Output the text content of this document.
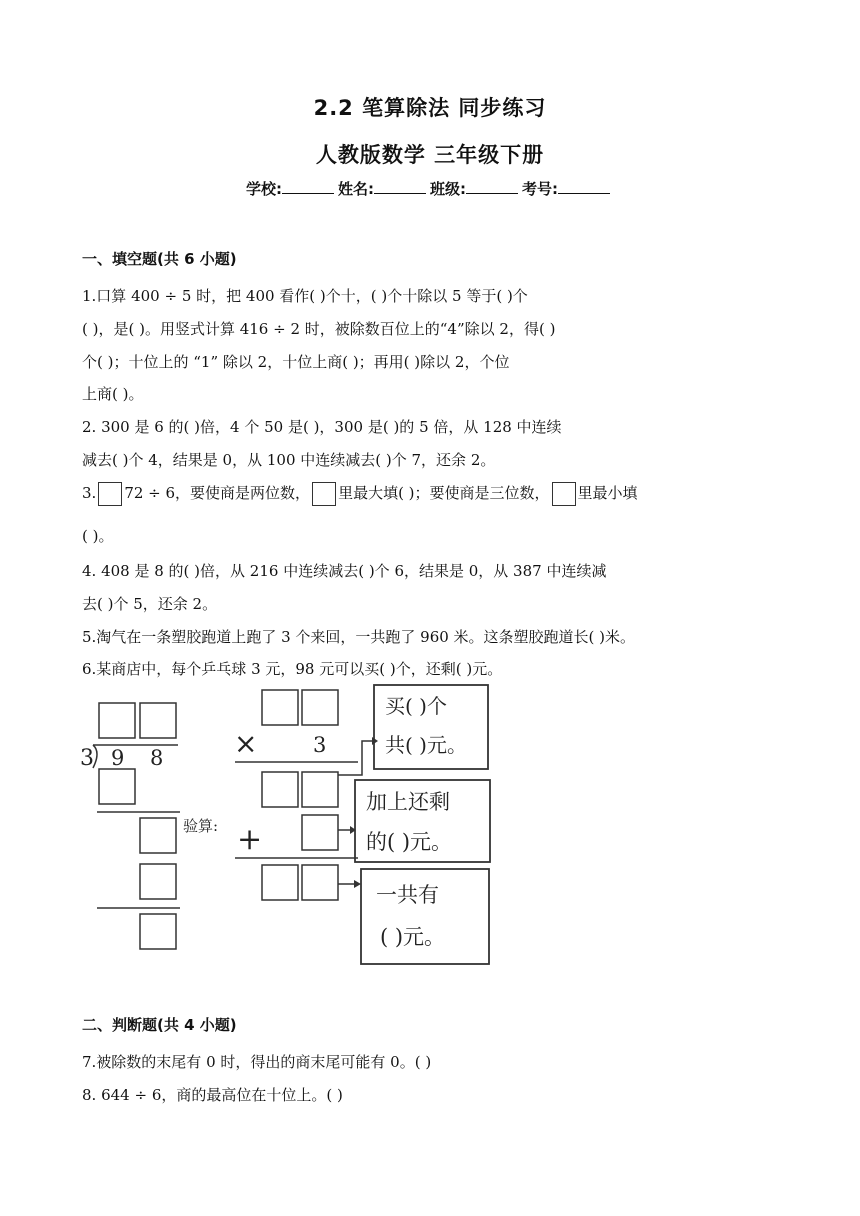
2.2 笔算除法 同步练习
人教版数学 三年级下册
学校:	姓名:	班级:	考号:
一、填空题(共 6 小题)
1.口算 400 ÷ 5 时，把 400 看作( )个十，( )个十除以 5 等于( )个
( )，是( )。用竖式计算 416 ÷ 2 时，被除数百位上的“4”除以 2，得( )
个( )；十位上的 “1” 除以 2，十位上商( )；再用( )除以 2，个位
上商( )。
2. 300 是 6 的( )倍，4 个 50 是( )，300 是( )的 5 倍，从 128 中连续
减去( )个 4，结果是 0，从 100 中连续减去( )个 7，还余 2。
3. 72 ÷ 6，要使商是两位数， 里最大填( )；要使商是三位数， 里最小填
( )。
4. 408 是 8 的( )倍，从 216 中连续减去( )个 6，结果是 0，从 387 中连续减
去( )个 5，还余 2。
5.淘气在一条塑胶跑道上跑了 3 个来回，一共跑了 960 米。这条塑胶跑道长( )米。
6.某商店中，每个乒乓球 3 元，98 元可以买( )个，还剩( )元。
3 9 8
验算:
×	3
+
买( )个
共( )元。
加上还剩
的( )元。
一共有
( )元。
二、判断题(共 4 小题)
7.被除数的末尾有 0 时，得出的商末尾可能有 0。( )
8. 644 ÷ 6，商的最高位在十位上。( )
